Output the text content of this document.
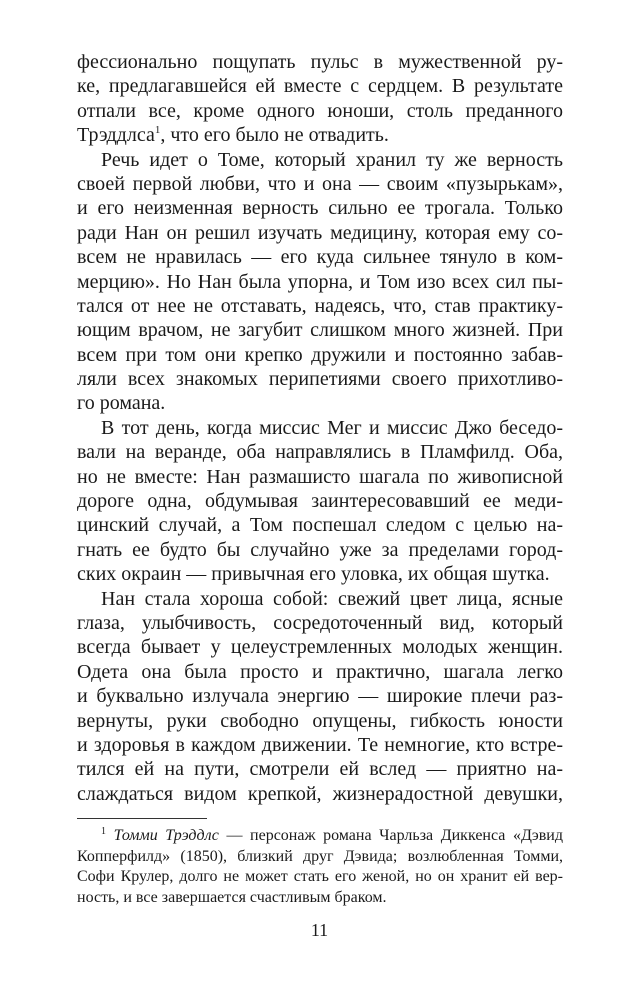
фессионально пощупать пульс в мужественной ру-
ке, предлагавшейся ей вместе с сердцем. В результате
отпали все, кроме одного юноши, столь преданного
Трэддлса$^1$, что его было не отвадить.
Речь идет о Томе, который хранил ту же верность
своей первой любви, что и она — своим «пузырькам»,
и его неизменная верность сильно ее трогала. Только
ради Нан он решил изучать медицину, которая ему со-
всем не нравилась — его куда сильнее тянуло в ком-
мерцию». Но Нан была упорна, и Том изо всех сил пы-
тался от нее не отставать, надеясь, что, став практику-
ющим врачом, не загубит слишком много жизней. При
всем при том они крепко дружили и постоянно забав-
ляли всех знакомых перипетиями своего прихотливо-
го романа.
В тот день, когда миссис Мег и миссис Джо беседо-
вали на веранде, оба направлялись в Пламфилд. Оба,
но не вместе: Нан размашисто шагала по живописной
дороге одна, обдумывая заинтересовавший ее меди-
цинский случай, а Том поспешал следом с целью на-
гнать ее будто бы случайно уже за пределами город-
ских окраин — привычная его уловка, их общая шутка.
Нан стала хороша собой: свежий цвет лица, ясные
глаза, улыбчивость, сосредоточенный вид, который
всегда бывает у целеустремленных молодых женщин.
Одета она была просто и практично, шагала легко
и буквально излучала энергию — широкие плечи раз-
вернуты, руки свободно опущены, гибкость юности
и здоровья в каждом движении. Те немногие, кто встре-
тился ей на пути, смотрели ей вслед — приятно на-
слаждаться видом крепкой, жизнерадостной девушки,
$^1$ Томми Трэддлс — персонаж романа Чарльза Диккенса «Дэвид
Копперфилд» (1850), близкий друг Дэвида; возлюбленная Томми,
Софи Крулер, долго не может стать его женой, но он хранит ей вер-
ность, и все завершается счастливым браком.
11
